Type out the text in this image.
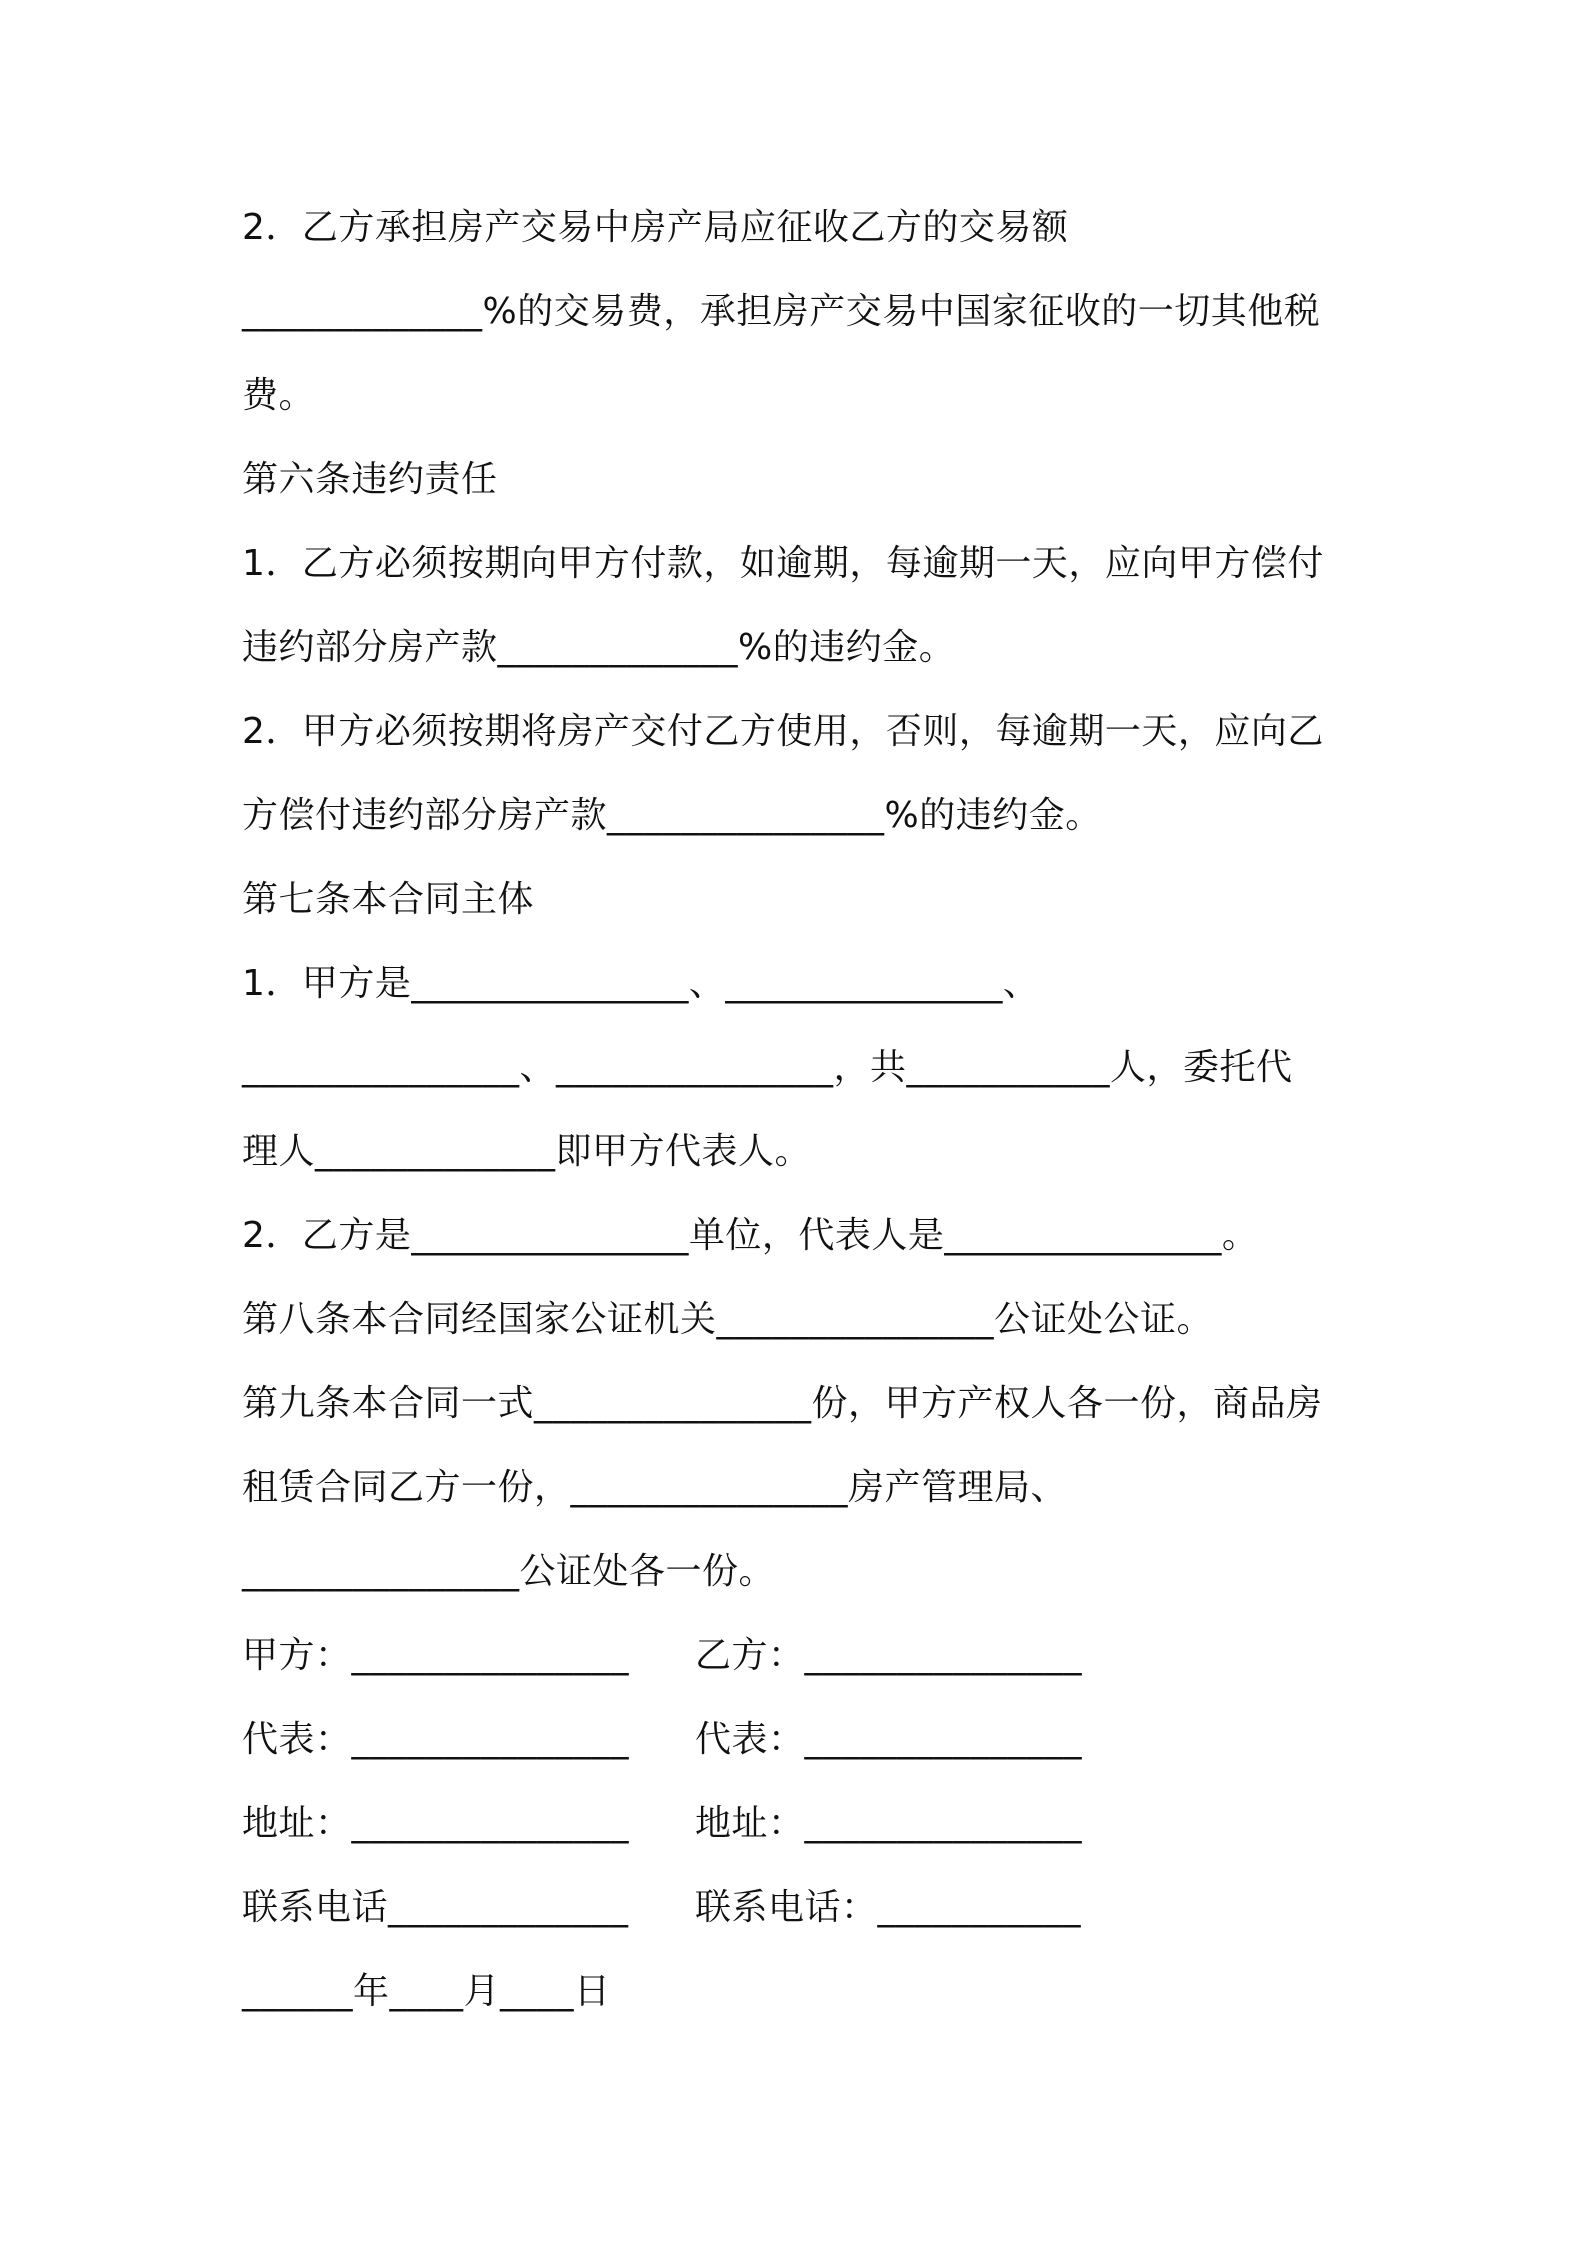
2．乙方承担房产交易中房产局应征收乙方的交易额
_____________%的交易费，承担房产交易中国家征收的一切其他税
费。
第六条违约责任
1．乙方必须按期向甲方付款，如逾期，每逾期一天，应向甲方偿付
违约部分房产款_____________%的违约金。
2．甲方必须按期将房产交付乙方使用，否则，每逾期一天，应向乙
方偿付违约部分房产款_______________%的违约金。
第七条本合同主体
1．甲方是_______________、_______________、
_______________、_______________，共___________人，委托代
理人_____________即甲方代表人。
2．乙方是_______________单位，代表人是_______________。
第八条本合同经国家公证机关_______________公证处公证。
第九条本合同一式_______________份，甲方产权人各一份，商品房
租赁合同乙方一份，_______________房产管理局、
_______________公证处各一份。
甲方：_______________ 乙方：_______________
代表：_______________ 代表：_______________
地址：_______________ 地址：_______________
联系电话_____________ 联系电话：___________
______年____月____日
